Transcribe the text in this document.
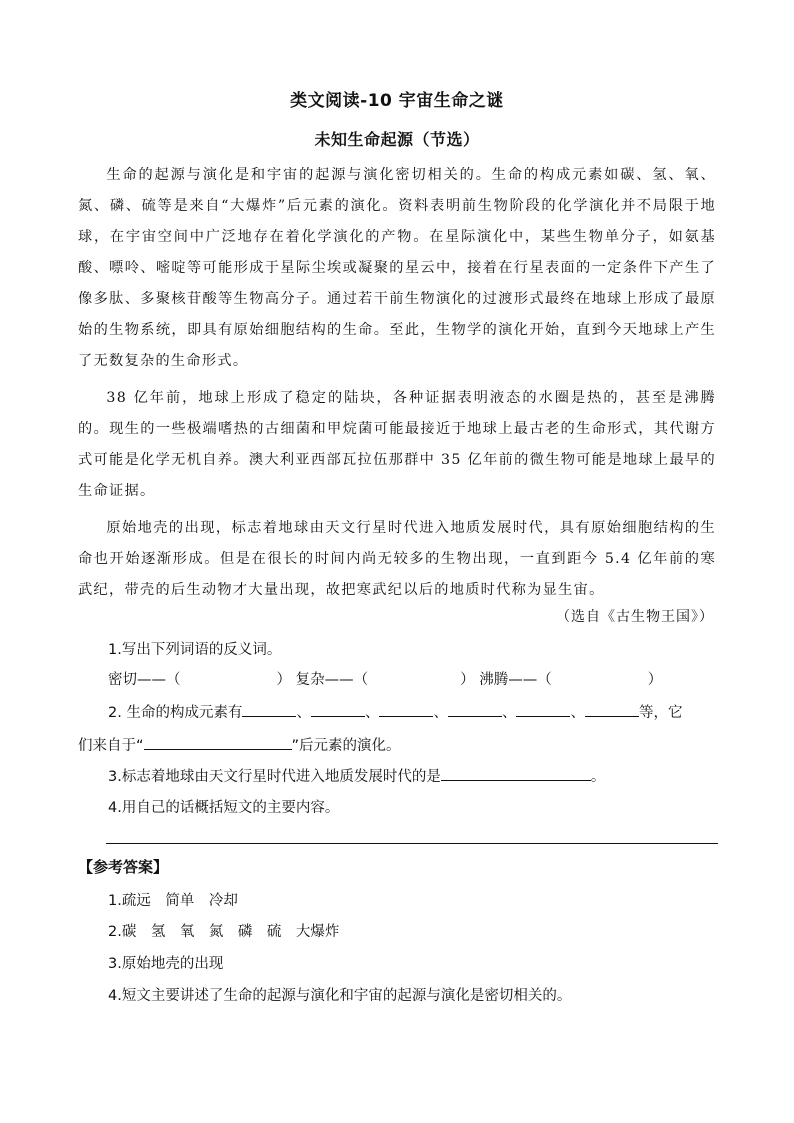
类文阅读-10 宇宙生命之谜
未知生命起源（节选）

生命的起源与演化是和宇宙的起源与演化密切相关的。生命的构成元素如碳、氢、氧、氮、磷、硫等是来自“大爆炸”后元素的演化。资料表明前生物阶段的化学演化并不局限于地球，在宇宙空间中广泛地存在着化学演化的产物。在星际演化中，某些生物单分子，如氨基酸、嘌呤、嘧啶等可能形成于星际尘埃或凝聚的星云中，接着在行星表面的一定条件下产生了像多肽、多聚核苷酸等生物高分子。通过若干前生物演化的过渡形式最终在地球上形成了最原始的生物系统，即具有原始细胞结构的生命。至此，生物学的演化开始，直到今天地球上产生了无数复杂的生命形式。

38 亿年前，地球上形成了稳定的陆块，各种证据表明液态的水圈是热的，甚至是沸腾的。现生的一些极端嗜热的古细菌和甲烷菌可能最接近于地球上最古老的生命形式，其代谢方式可能是化学无机自养。澳大利亚西部瓦拉伍那群中 35 亿年前的微生物可能是地球上最早的生命证据。

原始地壳的出现，标志着地球由天文行星时代进入地质发展时代，具有原始细胞结构的生命也开始逐渐形成。但是在很长的时间内尚无较多的生物出现，一直到距今 5.4 亿年前的寒武纪，带壳的后生动物才大量出现，故把寒武纪以后的地质时代称为显生宙。

（选自《古生物王国》）
1.写出下列词语的反义词。
密切——（	） 复杂——（	） 沸腾——（	）
2. 生命的构成元素有	、	、	、	、	、	等，它
们来自于“	”后元素的演化。
3.标志着地球由天文行星时代进入地质发展时代的是	。
4.用自己的话概括短文的主要内容。
【参考答案】
1.疏远　简单　冷却
2.碳　氢　氧　氮　磷　硫　大爆炸
3.原始地壳的出现
4.短文主要讲述了生命的起源与演化和宇宙的起源与演化是密切相关的。
